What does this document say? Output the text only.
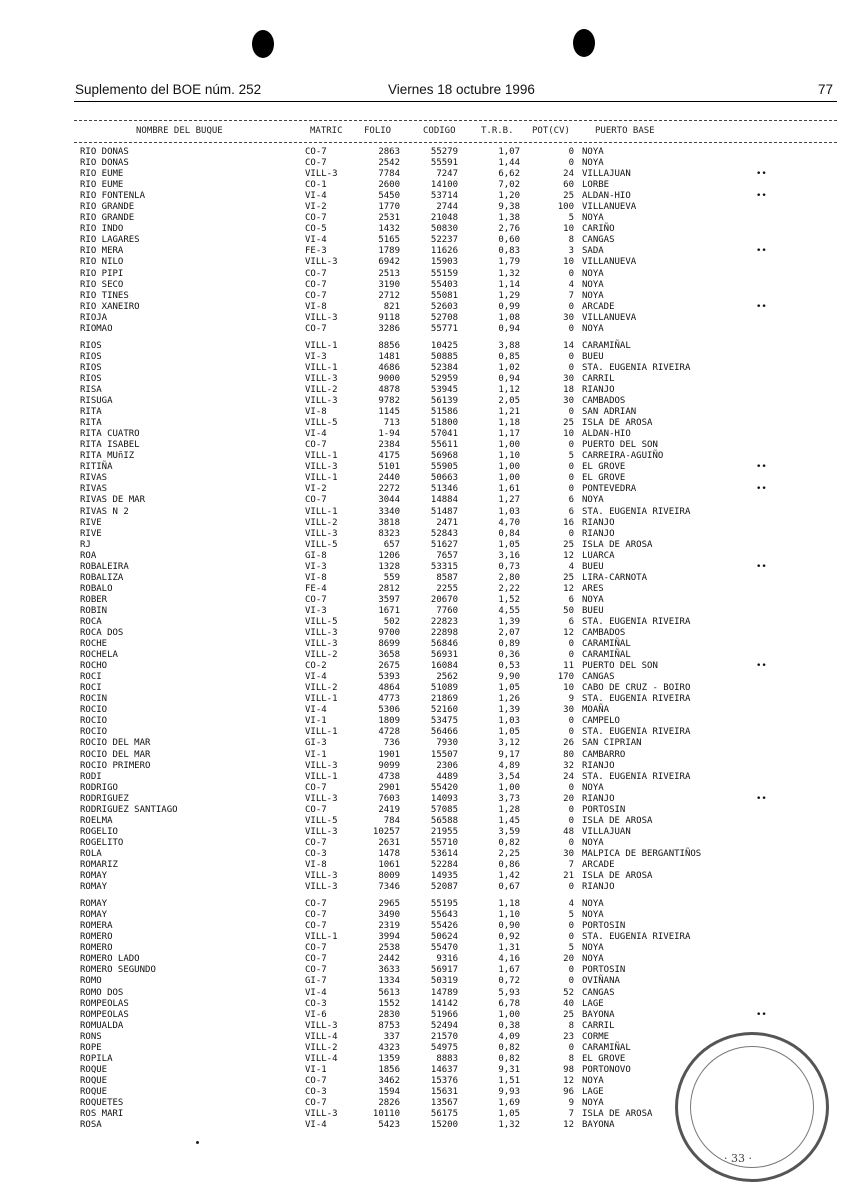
Suplemento del BOE núm. 252	Viernes 18 octubre 1996	77
NOMBRE DEL BUQUE	MATRIC FOLIO	CODIGO	T.R.B. POT(CV)	PUERTO BASE
RIO DONAS	CO-7	2863	55279	1,07	0 NOYA
RIO DONAS	CO-7	2542	55591	1,44	0 NOYA
RIO EUME	VILL-3	7784	7247	6,62	24 VILLAJUAN	••
RIO EUME	CO-1	2600	14100	7,02	60 LORBE
RIO FONTENLA	VI-4	5450	53714	1,20	25 ALDAN-HIO	••
RIO GRANDE	VI-2	1770	2744	9,38	100 VILLANUEVA
RIO GRANDE	CO-7	2531	21048	1,38	5 NOYA
RIO INDO	CO-5	1432	50830	2,76	10 CARIÑO
RIO LAGARES	VI-4	5165	52237	0,60	8 CANGAS
RIO MERA	FE-3	1789	11626	0,83	3 SADA	••
RIO NILO	VILL-3	6942	15903	1,79	10 VILLANUEVA
RIO PIPI	CO-7	2513	55159	1,32	0 NOYA
RIO SECO	CO-7	3190	55403	1,14	4 NOYA
RIO TINES	CO-7	2712	55081	1,29	7 NOYA
RIO XANEIRO	VI-8	821	52603	0,99	0 ARCADE	••
RIOJA	VILL-3	9118	52708	1,08	30 VILLANUEVA
RIOMAO	CO-7	3286	55771	0,94	0 NOYA
RIOS	VILL-1	8856	10425	3,88	14 CARAMIÑAL
RIOS	VI-3	1481	50885	0,85	0 BUEU
RIOS	VILL-1	4686	52384	1,02	0 STA. EUGENIA RIVEIRA
RIOS	VILL-3	9000	52959	0,94	30 CARRIL
RISA	VILL-2	4878	53945	1,12	18 RIANJO
RISUGA	VILL-3	9782	56139	2,05	30 CAMBADOS
RITA	VI-8	1145	51586	1,21	0 SAN ADRIAN
RITA	VILL-5	713	51800	1,18	25 ISLA DE AROSA
RITA CUATRO	VI-4	1-94	57041	1,17	10 ALDAN-HIO
RITA ISABEL	CO-7	2384	55611	1,00	0 PUERTO DEL SON
RITA MUñIZ	VILL-1	4175	56968	1,10	5 CARREIRA-AGUIÑO
RITIÑA	VILL-3	5101	55905	1,00	0 EL GROVE	••
RIVAS	VILL-1	2440	50663	1,00	0 EL GROVE
RIVAS	VI-2	2272	51346	1,61	0 PONTEVEDRA	••
RIVAS DE MAR	CO-7	3044	14884	1,27	6 NOYA
RIVAS N 2	VILL-1	3340	51487	1,03	6 STA. EUGENIA RIVEIRA
RIVE	VILL-2	3818	2471	4,70	16 RIANJO
RIVE	VILL-3	8323	52843	0,84	0 RIANJO
RJ	VILL-5	657	51627	1,05	25 ISLA DE AROSA
ROA	GI-8	1206	7657	3,16	12 LUARCA
ROBALEIRA	VI-3	1328	53315	0,73	4 BUEU	••
ROBALIZA	VI-8	559	8587	2,80	25 LIRA-CARNOTA
ROBALO	FE-4	2812	2255	2,22	12 ARES
ROBER	CO-7	3597	20670	1,52	6 NOYA
ROBIN	VI-3	1671	7760	4,55	50 BUEU
ROCA	VILL-5	502	22823	1,39	6 STA. EUGENIA RIVEIRA
ROCA DOS	VILL-3	9700	22898	2,07	12 CAMBADOS
ROCHE	VILL-3	8699	56846	0,89	0 CARAMIÑAL
ROCHELA	VILL-2	3658	56931	0,36	0 CARAMIÑAL
ROCHO	CO-2	2675	16084	0,53	11 PUERTO DEL SON	••
ROCI	VI-4	5393	2562	9,90	170 CANGAS
ROCI	VILL-2	4864	51089	1,05	10 CABO DE CRUZ - BOIRO
ROCIN	VILL-1	4773	21869	1,26	9 STA. EUGENIA RIVEIRA
ROCIO	VI-4	5306	52160	1,39	30 MOAÑA
ROCIO	VI-1	1809	53475	1,03	0 CAMPELO
ROCIO	VILL-1	4728	56466	1,05	0 STA. EUGENIA RIVEIRA
ROCIO DEL MAR	GI-3	736	7930	3,12	26 SAN CIPRIAN
ROCIO DEL MAR	VI-1	1901	15507	9,17	80 CAMBARRO
ROCIO PRIMERO	VILL-3	9099	2306	4,89	32 RIANJO
RODI	VILL-1	4738	4489	3,54	24 STA. EUGENIA RIVEIRA
RODRIGO	CO-7	2901	55420	1,00	0 NOYA
RODRIGUEZ	VILL-3	7603	14093	3,73	20 RIANJO	••
RODRIGUEZ SANTIAGO	CO-7	2419	57085	1,28	0 PORTOSIN
ROELMA	VILL-5	784	56588	1,45	0 ISLA DE AROSA
ROGELIO	VILL-3	10257	21955	3,59	48 VILLAJUAN
ROGELITO	CO-7	2631	55710	0,82	0 NOYA
ROLA	CO-3	1478	53614	2,25	30 MALPICA DE BERGANTIÑOS
ROMARIZ	VI-8	1061	52284	0,86	7 ARCADE
ROMAY	VILL-3	8009	14935	1,42	21 ISLA DE AROSA
ROMAY	VILL-3	7346	52087	0,67	0 RIANJO
ROMAY	CO-7	2965	55195	1,18	4 NOYA
ROMAY	CO-7	3490	55643	1,10	5 NOYA
ROMERA	CO-7	2319	55426	0,90	0 PORTOSIN
ROMERO	VILL-1	3994	50624	0,92	0 STA. EUGENIA RIVEIRA
ROMERO	CO-7	2538	55470	1,31	5 NOYA
ROMERO LADO	CO-7	2442	9316	4,16	20 NOYA
ROMERO SEGUNDO	CO-7	3633	56917	1,67	0 PORTOSIN
ROMO	GI-7	1334	50319	0,72	0 OVIÑANA
ROMO DOS	VI-4	5613	14789	5,93	52 CANGAS
ROMPEOLAS	CO-3	1552	14142	6,78	40 LAGE
ROMPEOLAS	VI-6	2830	51966	1,00	25 BAYONA	••
ROMUALDA	VILL-3	8753	52494	0,38	8 CARRIL
RONS	VILL-4	337	21570	4,09	23 CORME
ROPE	VILL-2	4323	54975	0,82	0 CARAMIÑAL
ROPILA	VILL-4	1359	8883	0,82	8 EL GROVE
ROQUE	VI-1	1856	14637	9,31	98 PORTONOVO
ROQUE	CO-7	3462	15376	1,51	12 NOYA
ROQUE	CO-3	1594	15631	9,93	96 LAGE
ROQUETES	CO-7	2826	13567	1,69	9 NOYA
ROS MARI	VILL-3	10110	56175	1,05	7 ISLA DE AROSA
ROSA	VI-4	5423	15200	1,32	12 BAYONA
· 33 ·
